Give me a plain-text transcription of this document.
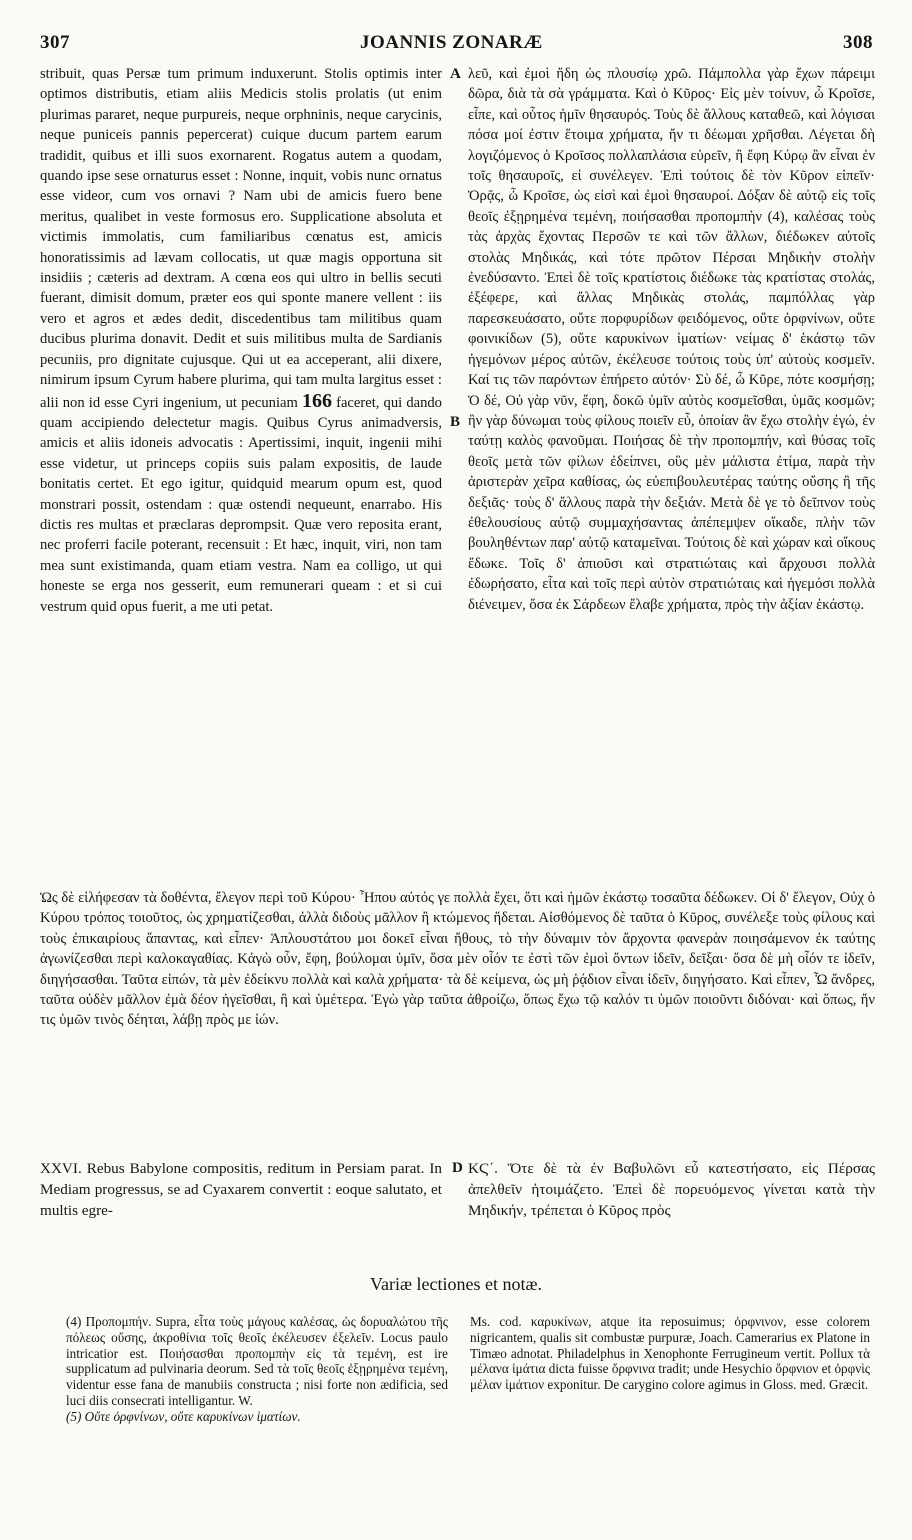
307	JOANNIS ZONARÆ	308

stribuit, quas Persæ tum primum induxerunt. Stolis optimis inter optimos distributis, etiam aliis Medicis stolis prolatis (ut enim plurimas pararet, neque purpureis, neque orphninis, neque carycinis, neque puniceis pannis pepercerat) cuique ducum partem earum tradidit, quibus et illi suos exornarent. Rogatus autem a quodam, quando ipse sese ornaturus esset : Nonne, inquit, vobis nunc ornatus esse videor, cum vos ornavi ? Nam ubi de amicis fuero bene meritus, qualibet in veste formosus ero. Supplicatione absoluta et victimis immolatis, cum familiaribus cœnatus est, amicis honoratissimis ad lævam collocatis, ut quæ magis opportuna sit insidiis ; cæteris ad dextram. A cœna eos qui ultro in bellis secuti fuerant, dimisit domum, præter eos qui sponte manere vellent : iis vero et agros et ædes dedit, discedentibus tam militibus quam ducibus plurima donavit. Dedit et suis militibus multa de Sardianis pecuniis, pro dignitate cujusque. Qui ut ea acceperant, alii dixere, nimirum ipsum Cyrum habere plurima, qui tam multa largitus esset : alii non id esse Cyri ingenium, ut pecuniam 166 faceret, qui dando quam accipiendo delectetur magis. Quibus Cyrus animadversis, amicis et aliis idoneis advocatis : Apertissimi, inquit, ingenii mihi esse videtur, ut princeps copiis suis palam expositis, de laude bonitatis certet. Et ego igitur, quidquid mearum opum est, quod monstrari possit, ostendam : quæ ostendi nequeunt, enarrabo. His dictis res multas et præclaras deprompsit. Quæ vero reposita erant, nec proferri facile poterant, recensuit : Et hæc, inquit, viri, non tam mea sunt existimanda, quam etiam vestra. Nam ea colligo, ut qui honeste se erga nos gesserit, eum remunerari queam : et si cui vestrum quid opus fuerit, a me uti petat.

A
B

λεῦ, καὶ ἐμοὶ ἤδη ὡς πλουσίῳ χρῶ. Πάμπολλα γὰρ ἔχων πάρειμι δῶρα, διὰ τὰ σὰ γράμματα. Καὶ ὁ Κῦρος· Εἰς μὲν τοίνυν, ὦ Κροῖσε, εἶπε, καὶ οὗτος ἡμῖν θησαυρός. Τοὺς δὲ ἄλλους καταθεῶ, καὶ λόγισαι πόσα μοί ἐστιν ἕτοιμα χρήματα, ἤν τι δέωμαι χρῆσθαι. Λέγεται δὴ λογιζόμενος ὁ Κροῖσος πολλαπλάσια εὑρεῖν, ἢ ἔφη Κύρῳ ἂν εἶναι ἐν τοῖς θησαυροῖς, εἰ συνέλεγεν. Ἐπὶ τούτοις δὲ τὸν Κῦρον εἰπεῖν· Ὁρᾷς, ὦ Κροῖσε, ὡς εἰσὶ καὶ ἐμοὶ θησαυροί. Δόξαν δὲ αὐτῷ εἰς τοῖς θεοῖς ἐξῃρημένα τεμένη, ποιήσασθαι προπομπὴν (4), καλέσας τοὺς τὰς ἀρχὰς ἔχοντας Περσῶν τε καὶ τῶν ἄλλων, διέδωκεν αὐτοῖς στολὰς Μηδικάς, καὶ τότε πρῶτον Πέρσαι Μηδικὴν στολὴν ἐνεδύσαντο. Ἐπεὶ δὲ τοῖς κρατίστοις διέδωκε τὰς κρατίστας στολάς, ἐξέφερε, καὶ ἄλλας Μηδικὰς στολάς, παμπόλλας γὰρ παρεσκευάσατο, οὔτε πορφυρίδων φειδόμενος, οὔτε ὀρφνίνων, οὔτε φοινικίδων (5), οὔτε καρυκίνων ἱματίων· νείμας δ' ἑκάστῳ τῶν ἡγεμόνων μέρος αὐτῶν, ἐκέλευσε τούτοις τοὺς ὑπ' αὐτοὺς κοσμεῖν. Καί τις τῶν παρόντων ἐπήρετο αὐτόν· Σὺ δέ, ὦ Κῦρε, πότε κοσμήσῃ; Ὁ δέ, Οὐ γὰρ νῦν, ἔφη, δοκῶ ὑμῖν αὐτὸς κοσμεῖσθαι, ὑμᾶς κοσμῶν; ἢν γὰρ δύνωμαι τοὺς φίλους ποιεῖν εὖ, ὁποίαν ἂν ἔχω στολὴν ἐγώ, ἐν ταύτῃ καλὸς φανοῦμαι. Ποιήσας δὲ τὴν προπομπήν, καὶ θύσας τοῖς θεοῖς μετὰ τῶν φίλων ἐδείπνει, οὓς μὲν μάλιστα ἐτίμα, παρὰ τὴν ἀριστερὰν χεῖρα καθίσας, ὡς εὐεπιβουλευτέρας ταύτης οὔσης ἢ τῆς δεξιᾶς· τοὺς δ' ἄλλους παρὰ τὴν δεξιάν. Μετὰ δὲ γε τὸ δεῖπνον τοὺς ἐθελουσίους αὐτῷ συμμαχήσαντας ἀπέπεμψεν οἴκαδε, πλὴν τῶν βουληθέντων παρ' αὐτῷ καταμεῖναι. Τούτοις δὲ καὶ χώραν καὶ οἴκους ἔδωκε. Τοῖς δ' ἀπιοῦσι καὶ στρατιώταις καὶ ἄρχουσι πολλὰ ἐδωρήσατο, εἶτα καὶ τοῖς περὶ αὐτὸν στρατιώταις καὶ ἡγεμόσι πολλὰ διένειμεν, ὅσα ἐκ Σάρδεων ἔλαβε χρήματα, πρὸς τὴν ἀξίαν ἑκάστῳ.

Ὡς δὲ εἰλήφεσαν τὰ δοθέντα, ἔλεγον περὶ τοῦ Κύρου· Ἦπου αὐτός γε πολλὰ ἔχει, ὅτι καὶ ἡμῶν ἑκάστῳ τοσαῦτα δέδωκεν. Οἱ δ' ἔλεγον, Οὐχ ὁ Κύρου τρόπος τοιοῦτος, ὡς χρηματίζεσθαι, ἀλλὰ διδοὺς μᾶλλον ἢ κτώμενος ἥδεται. Αἰσθόμενος δὲ ταῦτα ὁ Κῦρος, συνέλεξε τοὺς φίλους καὶ τοὺς ἐπικαιρίους ἅπαντας, καὶ εἶπεν· Ἁπλουστάτου μοι δοκεῖ εἶναι ἤθους, τὸ τὴν δύναμιν τὸν ἄρχοντα φανερὰν ποιησάμενον ἐκ ταύτης ἀγωνίζεσθαι περὶ καλοκαγαθίας. Κἀγὼ οὖν, ἔφη, βούλομαι ὑμῖν, ὅσα μὲν οἷόν τε ἐστὶ τῶν ἐμοὶ ὄντων ἰδεῖν, δεῖξαι· ὅσα δὲ μὴ οἷόν τε ἰδεῖν, διηγήσασθαι. Ταῦτα εἰπών, τὰ μὲν ἐδείκνυ πολλὰ καὶ καλὰ χρήματα· τὰ δὲ κείμενα, ὡς μὴ ῥᾴδιον εἶναι ἰδεῖν, διηγήσατο. Καὶ εἶπεν, Ὦ ἄνδρες, ταῦτα οὐδὲν μᾶλλον ἐμὰ δέον ἡγεῖσθαι, ἢ καὶ ὑμέτερα. Ἐγὼ γὰρ ταῦτα ἀθροίζω, ὅπως ἔχω τῷ καλόν τι ὑμῶν ποιοῦντι διδόναι· καὶ ὅπως, ἤν τις ὑμῶν τινὸς δέηται, λάβῃ πρὸς με ἰών.

XXVI. Rebus Babylone compositis, reditum in Persiam parat. In Mediam progressus, se ad Cyaxarem convertit : eoque salutato, et multis egre-

D ΚϚ΄. Ὅτε δὲ τὰ ἐν Βαβυλῶνι εὖ κατεστήσατο, εἰς Πέρσας ἀπελθεῖν ἡτοιμάζετο. Ἐπεὶ δὲ πορευόμενος γίνεται κατὰ τὴν Μηδικήν, τρέπεται ὁ Κῦρος πρὸς

Variæ lectiones et notæ.

(4) Προπομπήν. Supra, εἶτα τοὺς μάγους καλέσας, ὡς δορυαλώτου τῆς πόλεως οὔσης, ἀκροθίνια τοῖς θεοῖς ἐκέλευσεν ἐξελεῖν. Locus paulo intricatior est. Ποιήσασθαι προπομπὴν εἰς τὰ τεμένη, est ire supplicatum ad pulvinaria deorum. Sed τὰ τοῖς θεοῖς ἐξῃρημένα τεμένη, videntur esse fana de manubiis constructa ; nisi forte non ædificia, sed luci diis consecrati intelligantur. W.

(5) Οὔτε ὀρφνίνων, οὔτε καρυκίνων ἱματίων.

Ms. cod. καρυκίνων, atque ita reposuimus; ὀρφνινον, esse colorem nigricantem, qualis sit combustæ purpuræ, Joach. Camerarius ex Platone in Timæo adnotat. Philadelphus in Xenophonte Ferrugineum vertit. Pollux τὰ μέλανα ἱμάτια dicta fuisse ὄρφνινα tradit; unde Hesychio ὄρφνιον et ὀρφνὶς μέλαν ἱμάτιον exponitur. De carygino colore agimus in Gloss. med. Græcit.
